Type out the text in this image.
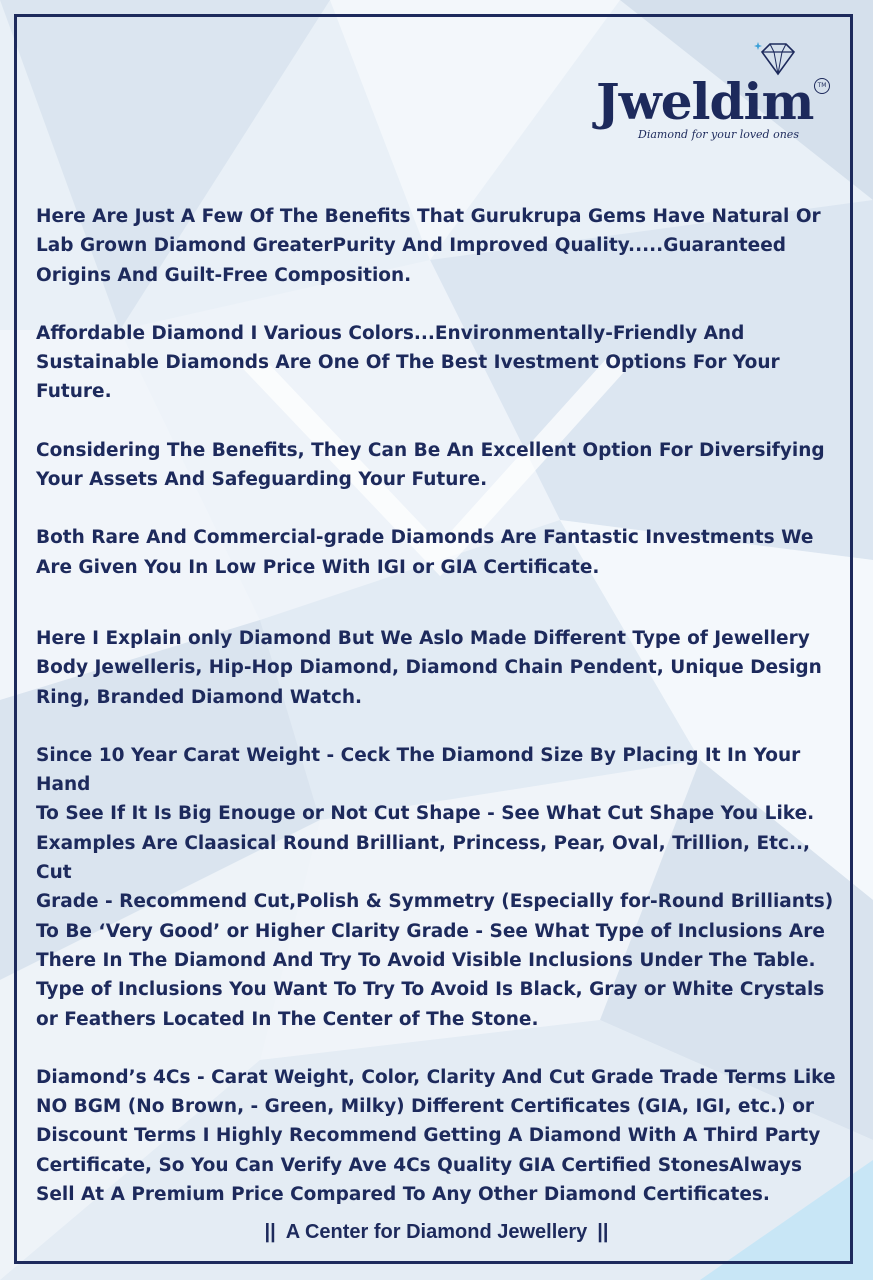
Jweldim TM
Diamond for your loved ones

Here Are Just A Few Of The Benefits That Gurukrupa Gems Have Natural Or
Lab Grown Diamond GreaterPurity And Improved Quality.....Guaranteed
Origins And Guilt-Free Composition.

Affordable Diamond I Various Colors...Environmentally-Friendly And
Sustainable Diamonds Are One Of The Best Ivestment Options For Your
Future.

Considering The Benefits, They Can Be An Excellent Option For Diversifying
Your Assets And Safeguarding Your Future.

Both Rare And Commercial-grade Diamonds Are Fantastic Investments We
Are Given You In Low Price With IGI or GIA Certificate.

Here I Explain only Diamond But We Aslo Made Different Type of Jewellery
Body Jewelleris, Hip-Hop Diamond, Diamond Chain Pendent, Unique Design
Ring, Branded Diamond Watch.

Since 10 Year Carat Weight - Ceck The Diamond Size By Placing It In Your Hand
To See If It Is Big Enouge or Not Cut Shape - See What Cut Shape You Like.
Examples Are Claasical Round Brilliant, Princess, Pear, Oval, Trillion, Etc.., Cut
Grade - Recommend Cut,Polish & Symmetry (Especially for-Round Brilliants)
To Be ‘Very Good’ or Higher Clarity Grade - See What Type of Inclusions Are
There In The Diamond And Try To Avoid Visible Inclusions Under The Table.
Type of Inclusions You Want To Try To Avoid Is Black, Gray or White Crystals
or Feathers Located In The Center of The Stone.

Diamond’s 4Cs - Carat Weight, Color, Clarity And Cut Grade Trade Terms Like
NO BGM (No Brown, - Green, Milky) Different Certificates (GIA, IGI, etc.) or
Discount Terms I Highly Recommend Getting A Diamond With A Third Party
Certificate, So You Can Verify Ave 4Cs Quality GIA Certified StonesAlways
Sell At A Premium Price Compared To Any Other Diamond Certificates.

|| A Center for Diamond Jewellery ||
